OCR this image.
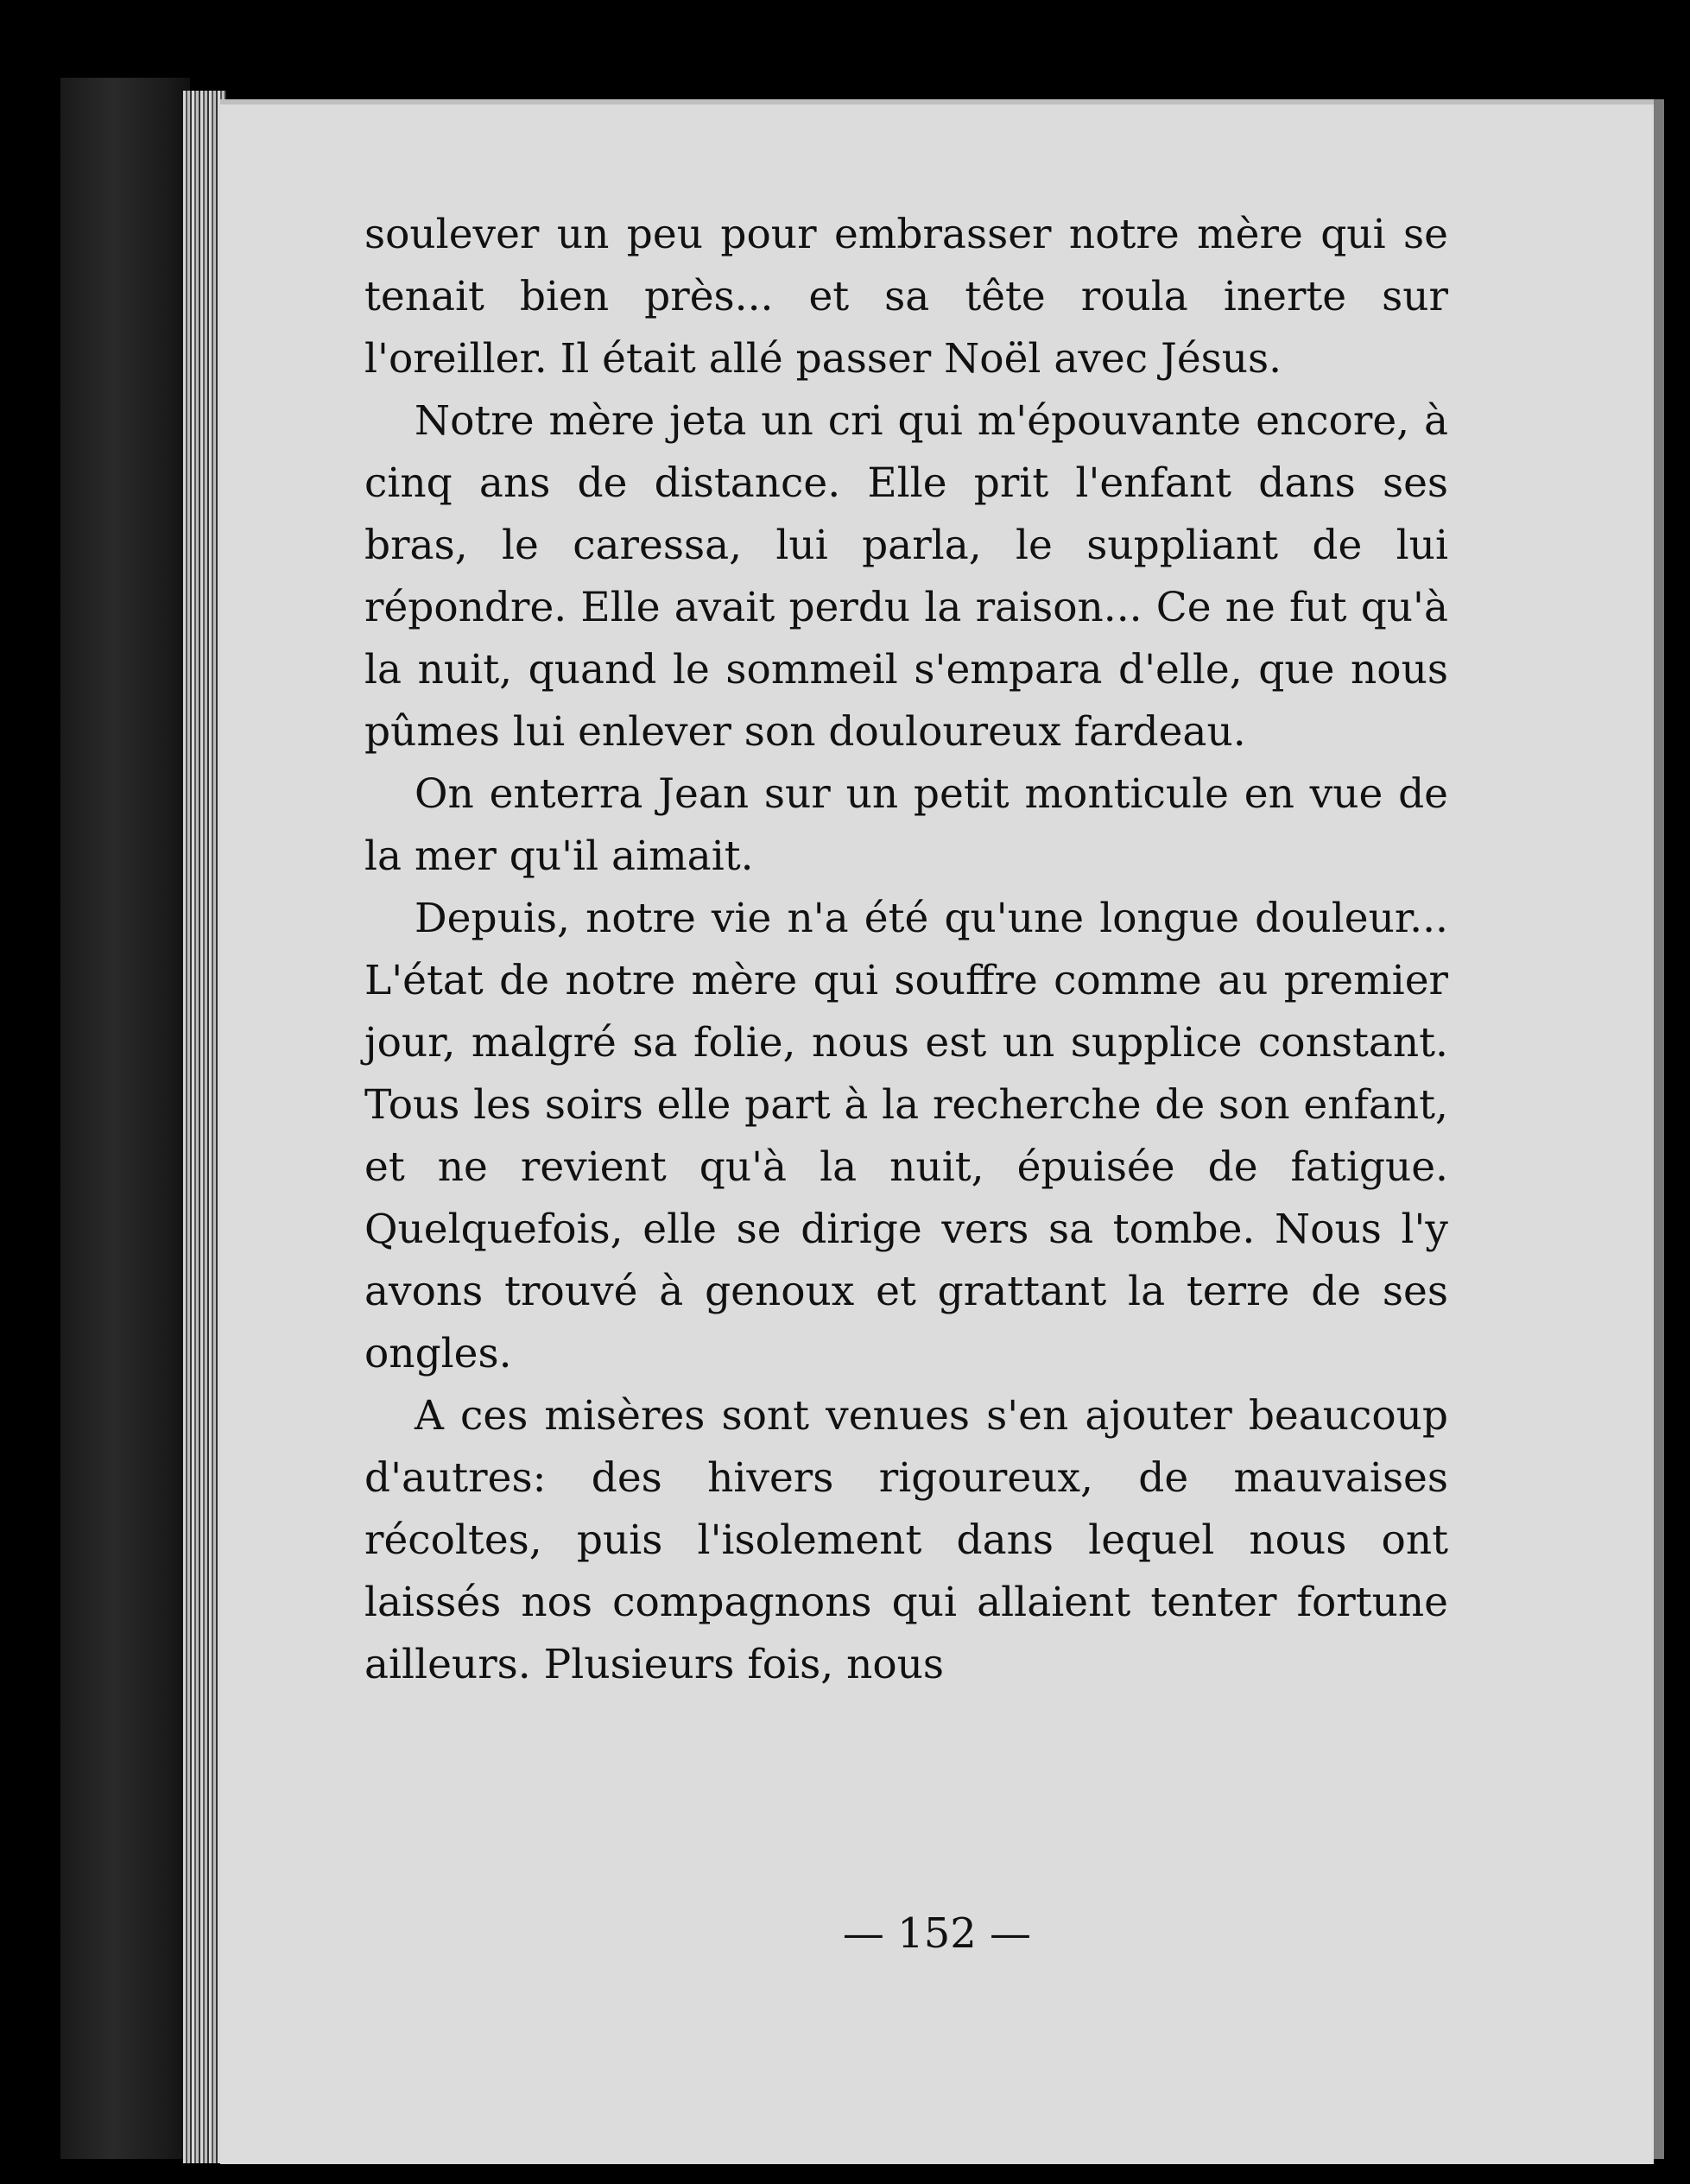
soulever un peu pour embrasser notre mère qui se tenait bien près... et sa tête roula inerte sur l'oreiller. Il était allé passer Noël avec Jésus.

Notre mère jeta un cri qui m'épouvante encore, à cinq ans de distance. Elle prit l'enfant dans ses bras, le caressa, lui parla, le suppliant de lui répondre. Elle avait perdu la raison... Ce ne fut qu'à la nuit, quand le sommeil s'empara d'elle, que nous pûmes lui enlever son douloureux fardeau.

On enterra Jean sur un petit monticule en vue de la mer qu'il aimait.

Depuis, notre vie n'a été qu'une longue douleur... L'état de notre mère qui souffre comme au premier jour, malgré sa folie, nous est un supplice constant. Tous les soirs elle part à la recherche de son enfant, et ne revient qu'à la nuit, épuisée de fatigue. Quelquefois, elle se dirige vers sa tombe. Nous l'y avons trouvé à genoux et grattant la terre de ses ongles.

A ces misères sont venues s'en ajouter beaucoup d'autres: des hivers rigoureux, de mauvaises récoltes, puis l'isolement dans lequel nous ont laissés nos compagnons qui allaient tenter fortune ailleurs. Plusieurs fois, nous

— 152 —
